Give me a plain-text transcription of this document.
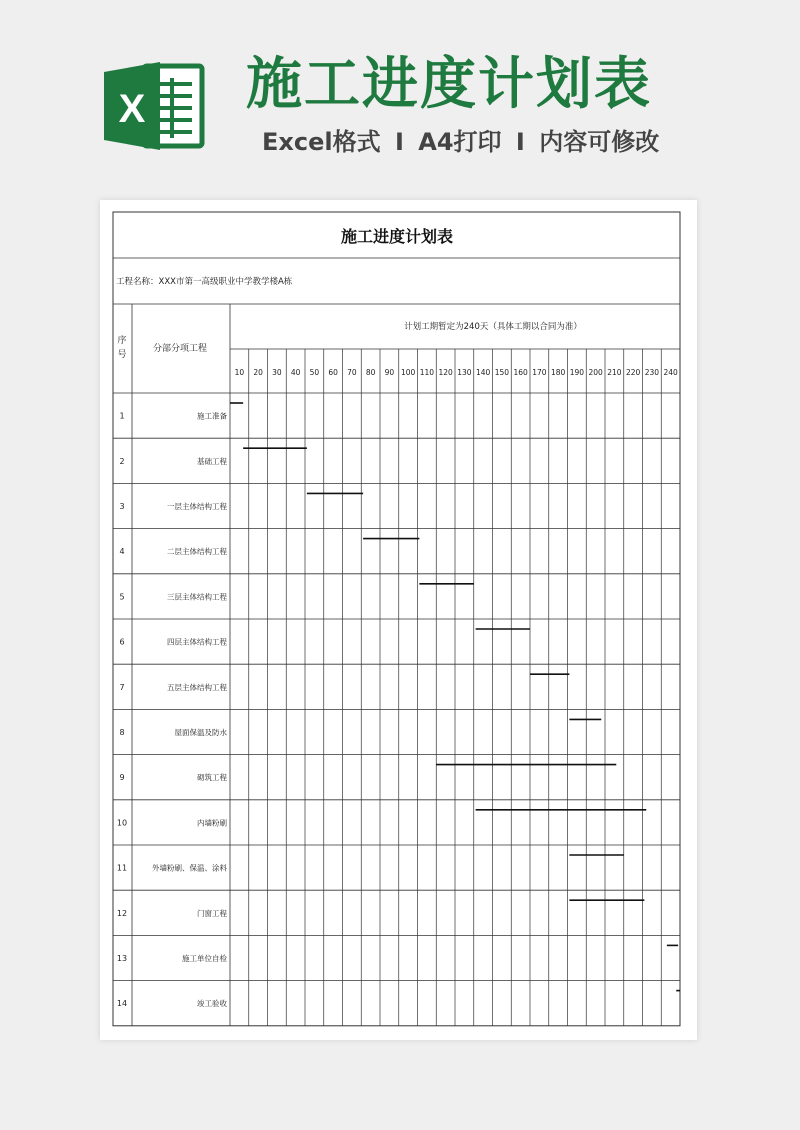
X 施工进度计划表
Excel格式 I A4打印 I 内容可修改
施工进度计划表
工程名称：XXX市第一高级职业中学教学楼A栋
序
号
分部分项工程
计划工期暂定为240天（具体工期以合同为准）
10 20 30 40 50 60 70 80 90 100 110 120 130 140 150 160 170 180 190 200 210 220 230 240
1	施工准备
2	基础工程
3	一层主体结构工程
4	二层主体结构工程
5	三层主体结构工程
6	四层主体结构工程
7	五层主体结构工程
8	屋面保温及防水
9	砌筑工程
10	内墙粉刷
11	外墙粉刷、保温、涂料
12	门窗工程
13	施工单位自检
14	竣工验收
